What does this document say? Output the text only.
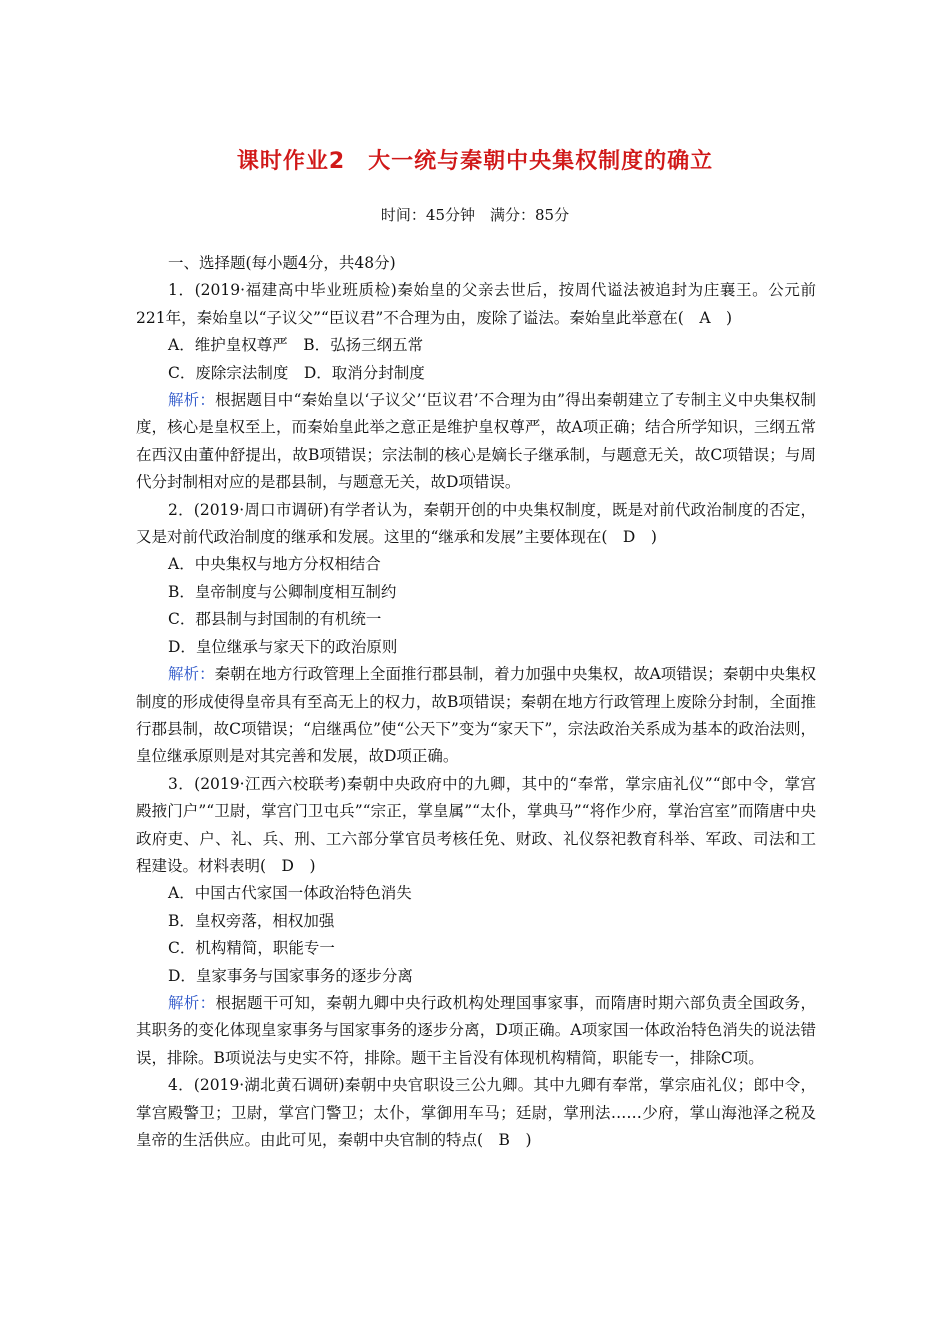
课时作业2　大一统与秦朝中央集权制度的确立
时间：45分钟　满分：85分

一、选择题(每小题4分，共48分)

1．(2019·福建高中毕业班质检)秦始皇的父亲去世后，按周代谥法被追封为庄襄王。公元前221年，秦始皇以“子议父”“臣议君”不合理为由，废除了谥法。秦始皇此举意在(　A　)

A．维护皇权尊严　B．弘扬三纲五常

C．废除宗法制度　D．取消分封制度

解析：根据题目中“秦始皇以‘子议父’‘臣议君’不合理为由”得出秦朝建立了专制主义中央集权制度，核心是皇权至上，而秦始皇此举之意正是维护皇权尊严，故A项正确；结合所学知识，三纲五常在西汉由董仲舒提出，故B项错误；宗法制的核心是嫡长子继承制，与题意无关，故C项错误；与周代分封制相对应的是郡县制，与题意无关，故D项错误。

2．(2019·周口市调研)有学者认为，秦朝开创的中央集权制度，既是对前代政治制度的否定，又是对前代政治制度的继承和发展。这里的“继承和发展”主要体现在(　D　)

A．中央集权与地方分权相结合

B．皇帝制度与公卿制度相互制约

C．郡县制与封国制的有机统一

D．皇位继承与家天下的政治原则

解析：秦朝在地方行政管理上全面推行郡县制，着力加强中央集权，故A项错误；秦朝中央集权制度的形成使得皇帝具有至高无上的权力，故B项错误；秦朝在地方行政管理上废除分封制，全面推行郡县制，故C项错误；“启继禹位”使“公天下”变为“家天下”，宗法政治关系成为基本的政治法则，皇位继承原则是对其完善和发展，故D项正确。

3．(2019·江西六校联考)秦朝中央政府中的九卿，其中的“奉常，掌宗庙礼仪”“郎中令，掌宫殿掖门户”“卫尉，掌宫门卫屯兵”“宗正，掌皇属”“太仆，掌典马”“将作少府，掌治宫室”而隋唐中央政府吏、户、礼、兵、刑、工六部分掌官员考核任免、财政、礼仪祭祀教育科举、军政、司法和工程建设。材料表明(　D　)

A．中国古代家国一体政治特色消失

B．皇权旁落，相权加强

C．机构精简，职能专一

D．皇家事务与国家事务的逐步分离

解析：根据题干可知，秦朝九卿中央行政机构处理国事家事，而隋唐时期六部负责全国政务，其职务的变化体现皇家事务与国家事务的逐步分离，D项正确。A项家国一体政治特色消失的说法错误，排除。B项说法与史实不符，排除。题干主旨没有体现机构精简，职能专一，排除C项。

4．(2019·湖北黄石调研)秦朝中央官职设三公九卿。其中九卿有奉常，掌宗庙礼仪；郎中令，掌宫殿警卫；卫尉，掌宫门警卫；太仆，掌御用车马；廷尉，掌刑法……少府，掌山海池泽之税及皇帝的生活供应。由此可见，秦朝中央官制的特点(　B　)
